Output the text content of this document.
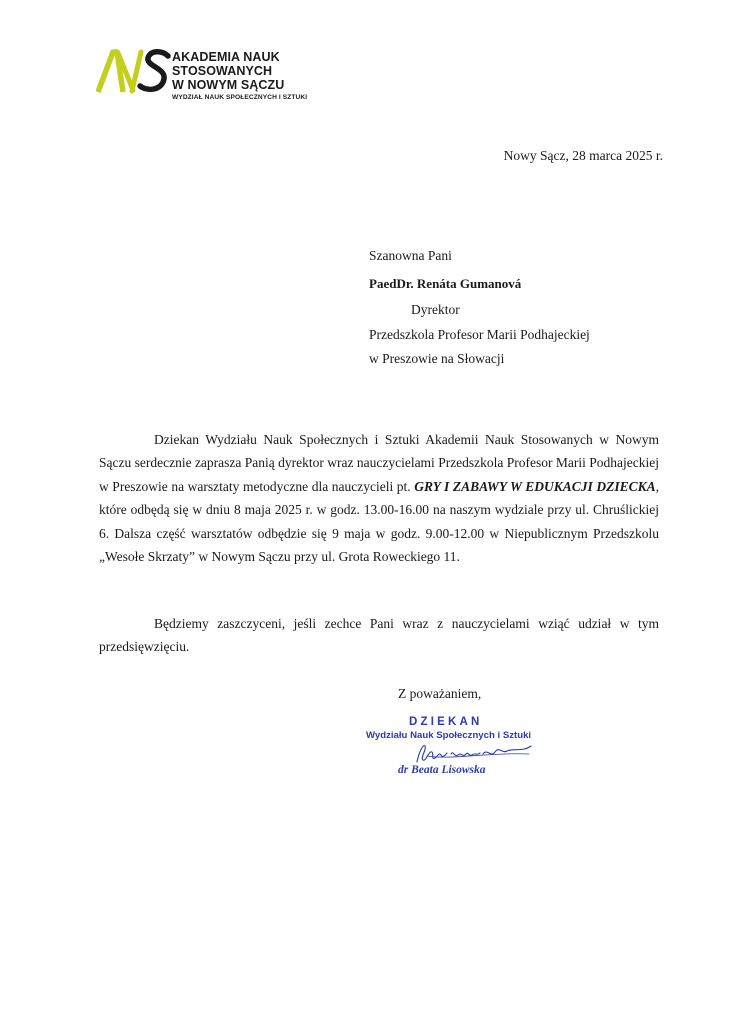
AKADEMIA NAUK
STOSOWANYCH
W NOWYM SĄCZU
WYDZIAŁ NAUK SPOŁECZNYCH I SZTUKI
Nowy Sącz, 28 marca 2025 r.
Szanowna Pani
PaedDr. Renáta Gumanová
Dyrektor
Przedszkola Profesor Marii Podhajeckiej
w Preszowie na Słowacji
Dziekan Wydziału Nauk Społecznych i Sztuki Akademii Nauk Stosowanych w Nowym Sączu serdecznie zaprasza Panią dyrektor wraz nauczycielami Przedszkola Profesor Marii Podhajeckiej w Preszowie na warsztaty metodyczne dla nauczycieli pt. GRY I ZABAWY W EDUKACJI DZIECKA, które odbędą się w dniu 8 maja 2025 r. w godz. 13.00-16.00 na naszym wydziale przy ul. Chruślickiej 6. Dalsza część warsztatów odbędzie się 9 maja w godz. 9.00-12.00 w Niepublicznym Przedszkolu „Wesołe Skrzaty” w Nowym Sączu przy ul. Grota Roweckiego 11.
Będziemy zaszczyceni, jeśli zechce Pani wraz z nauczycielami wziąć udział w tym przedsięwzięciu.
Z poważaniem,
DZIEKAN
Wydziału Nauk Społecznych i Sztuki
dr Beata Lisowska
